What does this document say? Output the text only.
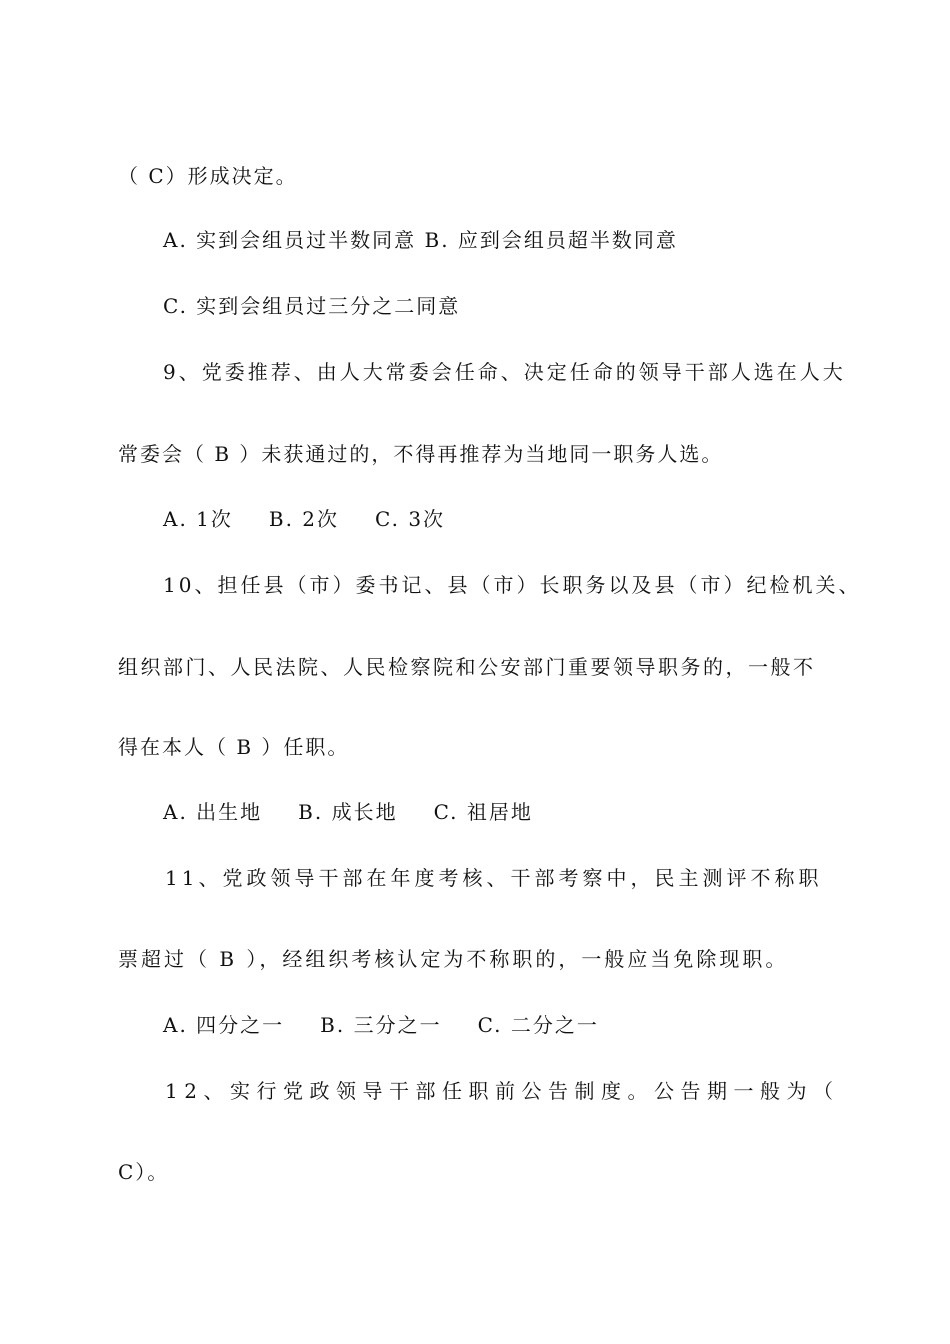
（ C）形成决定。
A. 实到会组员过半数同意 B. 应到会组员超半数同意
C. 实到会组员过三分之二同意
9、党委推荐、由人大常委会任命、决定任命的领导干部人选在人大
常委会（ B ）未获通过的，不得再推荐为当地同一职务人选。
A. 1次 B. 2次 C. 3次
10、担任县（市）委书记、县（市）长职务以及县（市）纪检机关、
组织部门、人民法院、人民检察院和公安部门重要领导职务的，一般不
得在本人（ B ）任职。
A. 出生地 B. 成长地 C. 祖居地
11、党政领导干部在年度考核、干部考察中，民主测评不称职
票超过（ B ），经组织考核认定为不称职的，一般应当免除现职。
A. 四分之一 B. 三分之一 C. 二分之一
12、实行党政领导干部任职前公告制度。公告期一般为（
C）。
